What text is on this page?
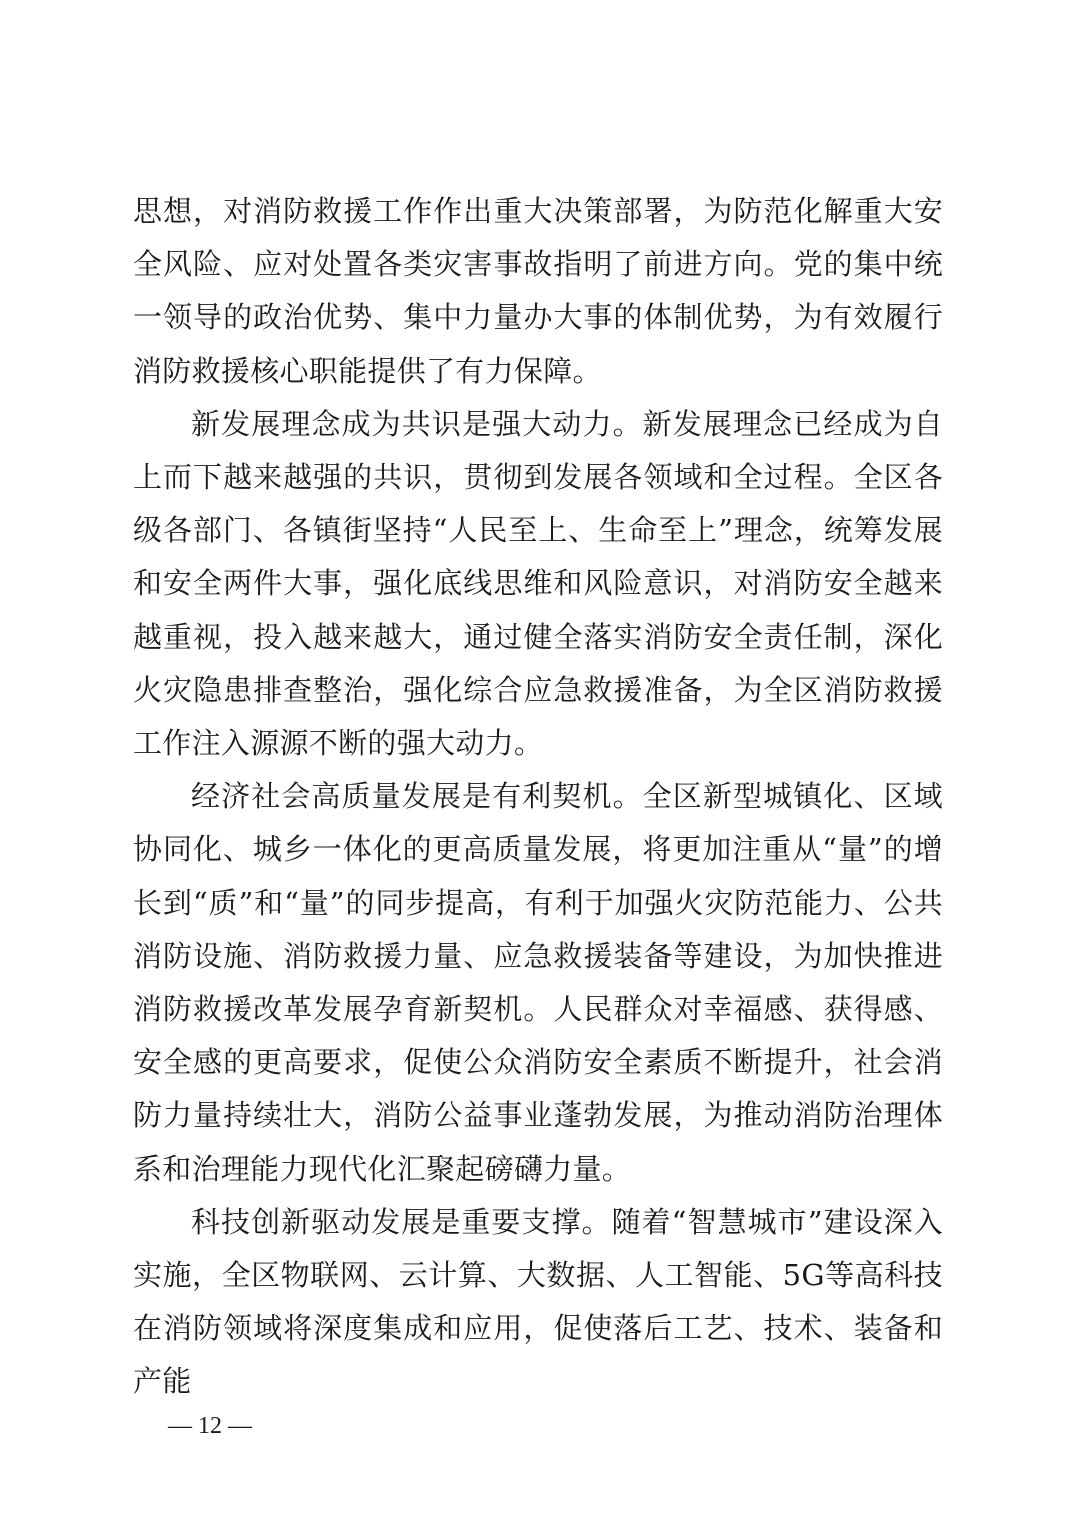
思想，对消防救援工作作出重大决策部署，为防范化解重大安全风险、应对处置各类灾害事故指明了前进方向。党的集中统一领导的政治优势、集中力量办大事的体制优势，为有效履行消防救援核心职能提供了有力保障。

新发展理念成为共识是强大动力。新发展理念已经成为自上而下越来越强的共识，贯彻到发展各领域和全过程。全区各级各部门、各镇街坚持“人民至上、生命至上”理念，统筹发展和安全两件大事，强化底线思维和风险意识，对消防安全越来越重视，投入越来越大，通过健全落实消防安全责任制，深化火灾隐患排查整治，强化综合应急救援准备，为全区消防救援工作注入源源不断的强大动力。

经济社会高质量发展是有利契机。全区新型城镇化、区域协同化、城乡一体化的更高质量发展，将更加注重从“量”的增长到“质”和“量”的同步提高，有利于加强火灾防范能力、公共消防设施、消防救援力量、应急救援装备等建设，为加快推进消防救援改革发展孕育新契机。人民群众对幸福感、获得感、安全感的更高要求，促使公众消防安全素质不断提升，社会消防力量持续壮大，消防公益事业蓬勃发展，为推动消防治理体系和治理能力现代化汇聚起磅礴力量。

科技创新驱动发展是重要支撑。随着“智慧城市”建设深入实施，全区物联网、云计算、大数据、人工智能、5G等高科技在消防领域将深度集成和应用，促使落后工艺、技术、装备和产能

— 12 —
